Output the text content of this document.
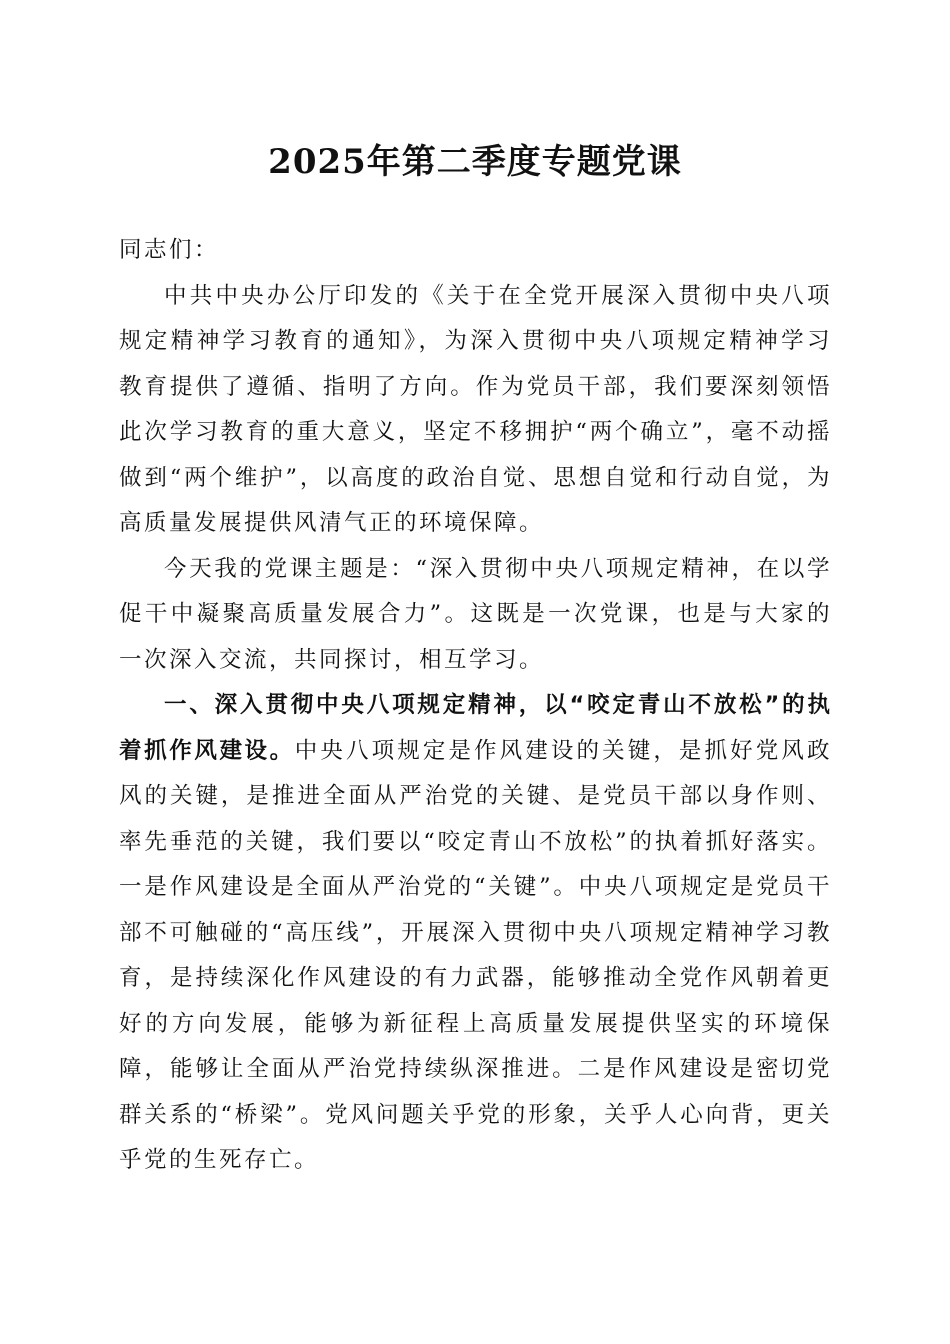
2025年第二季度专题党课

同志们：

中共中央办公厅印发的《关于在全党开展深入贯彻中央八项规定精神学习教育的通知》，为深入贯彻中央八项规定精神学习教育提供了遵循、指明了方向。作为党员干部，我们要深刻领悟此次学习教育的重大意义，坚定不移拥护“两个确立”，毫不动摇做到“两个维护”，以高度的政治自觉、思想自觉和行动自觉，为高质量发展提供风清气正的环境保障。

今天我的党课主题是：“深入贯彻中央八项规定精神，在以学促干中凝聚高质量发展合力”。这既是一次党课，也是与大家的一次深入交流，共同探讨，相互学习。

一、深入贯彻中央八项规定精神，以“咬定青山不放松”的执着抓作风建设。中央八项规定是作风建设的关键，是抓好党风政风的关键，是推进全面从严治党的关键、是党员干部以身作则、率先垂范的关键，我们要以“咬定青山不放松”的执着抓好落实。一是作风建设是全面从严治党的“关键”。中央八项规定是党员干部不可触碰的“高压线”，开展深入贯彻中央八项规定精神学习教育，是持续深化作风建设的有力武器，能够推动全党作风朝着更好的方向发展，能够为新征程上高质量发展提供坚实的环境保障，能够让全面从严治党持续纵深推进。二是作风建设是密切党群关系的“桥梁”。党风问题关乎党的形象，关乎人心向背，更关乎党的生死存亡。
